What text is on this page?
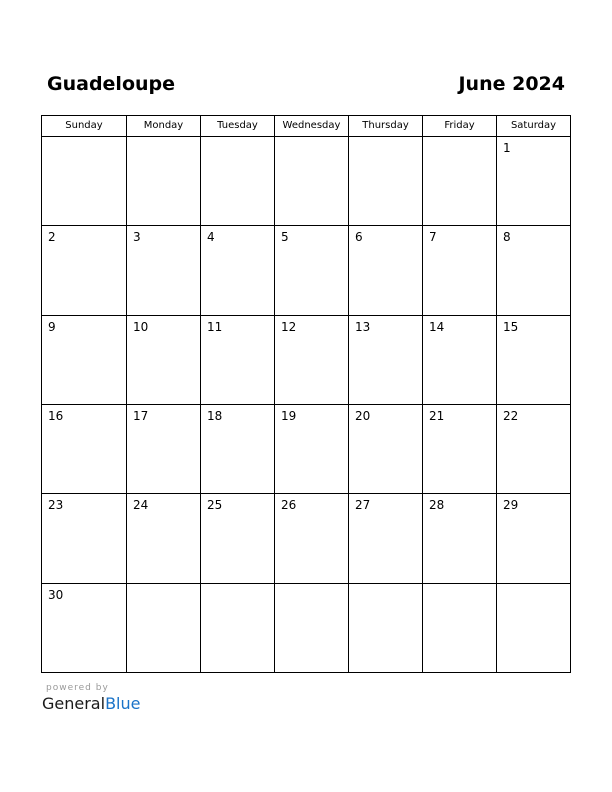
Guadeloupe	June 2024
Sunday	Monday	Tuesday	Wednesday	Thursday	Friday	Saturday

						1

2	3	4	5	6	7	8

9	10	11	12	13	14	15

16	17	18	19	20	21	22

23	24	25	26	27	28	29

30						

powered by
GeneralBlue
